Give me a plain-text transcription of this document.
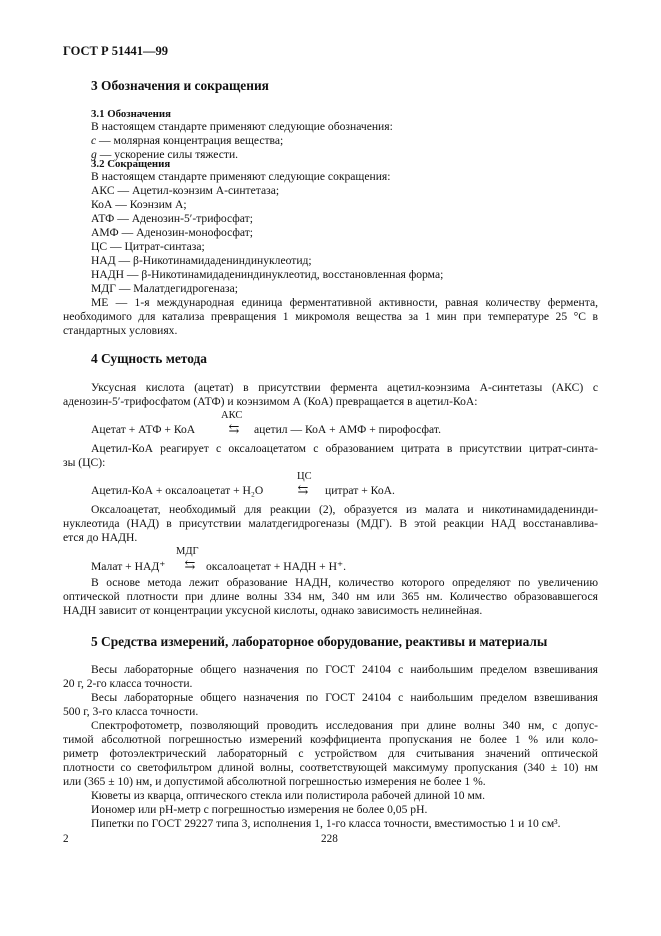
ГОСТ Р 51441—99
3 Обозначения и сокращения
3.1 Обозначения
В настоящем стандарте применяют следующие обозначения:
c — молярная концентрация вещества;
g — ускорение силы тяжести.
3.2 Сокращения
В настоящем стандарте применяют следующие сокращения:
АКС — Ацетил-коэнзим А-синтетаза;
КоА — Коэнзим А;
АТФ — Аденозин-5′-трифосфат;
АМФ — Аденозин-монофосфат;
ЦС — Цитрат-синтаза;
НАД — β-Никотинамидадениндинуклеотид;
НАДН — β-Никотинамидадениндинуклеотид, восстановленная форма;
МДГ — Малатдегидрогеназа;
МЕ — 1-я международная единица ферментативной активности, равная количеству фермента,
необходимого для катализа превращения 1 микромоля вещества за 1 мин при температуре 25 °С в
стандартных условиях.
4 Сущность метода
Уксусная кислота (ацетат) в присутствии фермента ацетил-коэнзима А-синтетазы (АКС) с
аденозин-5′-трифосфатом (АТФ) и коэнзимом А (КоА) превращается в ацетил-КоА:
АКС
Ацетат + АТФ + КоА	⇆ ацетил — КоА + АМФ + пирофосфат.
Ацетил-КоА реагирует с оксалоацетатом с образованием цитрата в присутствии цитрат-синта-
зы (ЦС):
ЦС
Ацетил-КоА + оксалоацетат + H₂O	⇆ цитрат + КоА.
Оксалоацетат, необходимый для реакции (2), образуется из малата и никотинамидаденинди-
нуклеотида (НАД) в присутствии малатдегидрогеназы (МДГ). В этой реакции НАД восстанавлива-
ется до НАДН.
МДГ
Малат + НАД⁺ ⇆ оксалоацетат + НАДН + Н⁺.
В основе метода лежит образование НАДН, количество которого определяют по увеличению
оптической плотности при длине волны 334 нм, 340 нм или 365 нм. Количество образовавшегося
НАДН зависит от концентрации уксусной кислоты, однако зависимость нелинейная.
5 Средства измерений, лабораторное оборудование, реактивы и материалы
Весы лабораторные общего назначения по ГОСТ 24104 с наибольшим пределом взвешивания
20 г, 2-го класса точности.
Весы лабораторные общего назначения по ГОСТ 24104 с наибольшим пределом взвешивания
500 г, 3-го класса точности.
Спектрофотометр, позволяющий проводить исследования при длине волны 340 нм, с допус-
тимой абсолютной погрешностью измерений коэффициента пропускания не более 1 % или коло-
риметр фотоэлектрический лабораторный с устройством для считывания значений оптической
плотности со светофильтром длиной волны, соответствующей максимуму пропускания (340 ± 10) нм
или (365 ± 10) нм, и допустимой абсолютной погрешностью измерения не более 1 %.
Кюветы из кварца, оптического стекла или полистирола рабочей длиной 10 мм.
Иономер или pH-метр с погрешностью измерения не более 0,05 pH.
Пипетки по ГОСТ 29227 типа 3, исполнения 1, 1-го класса точности, вместимостью 1 и 10 см³.
2	228
